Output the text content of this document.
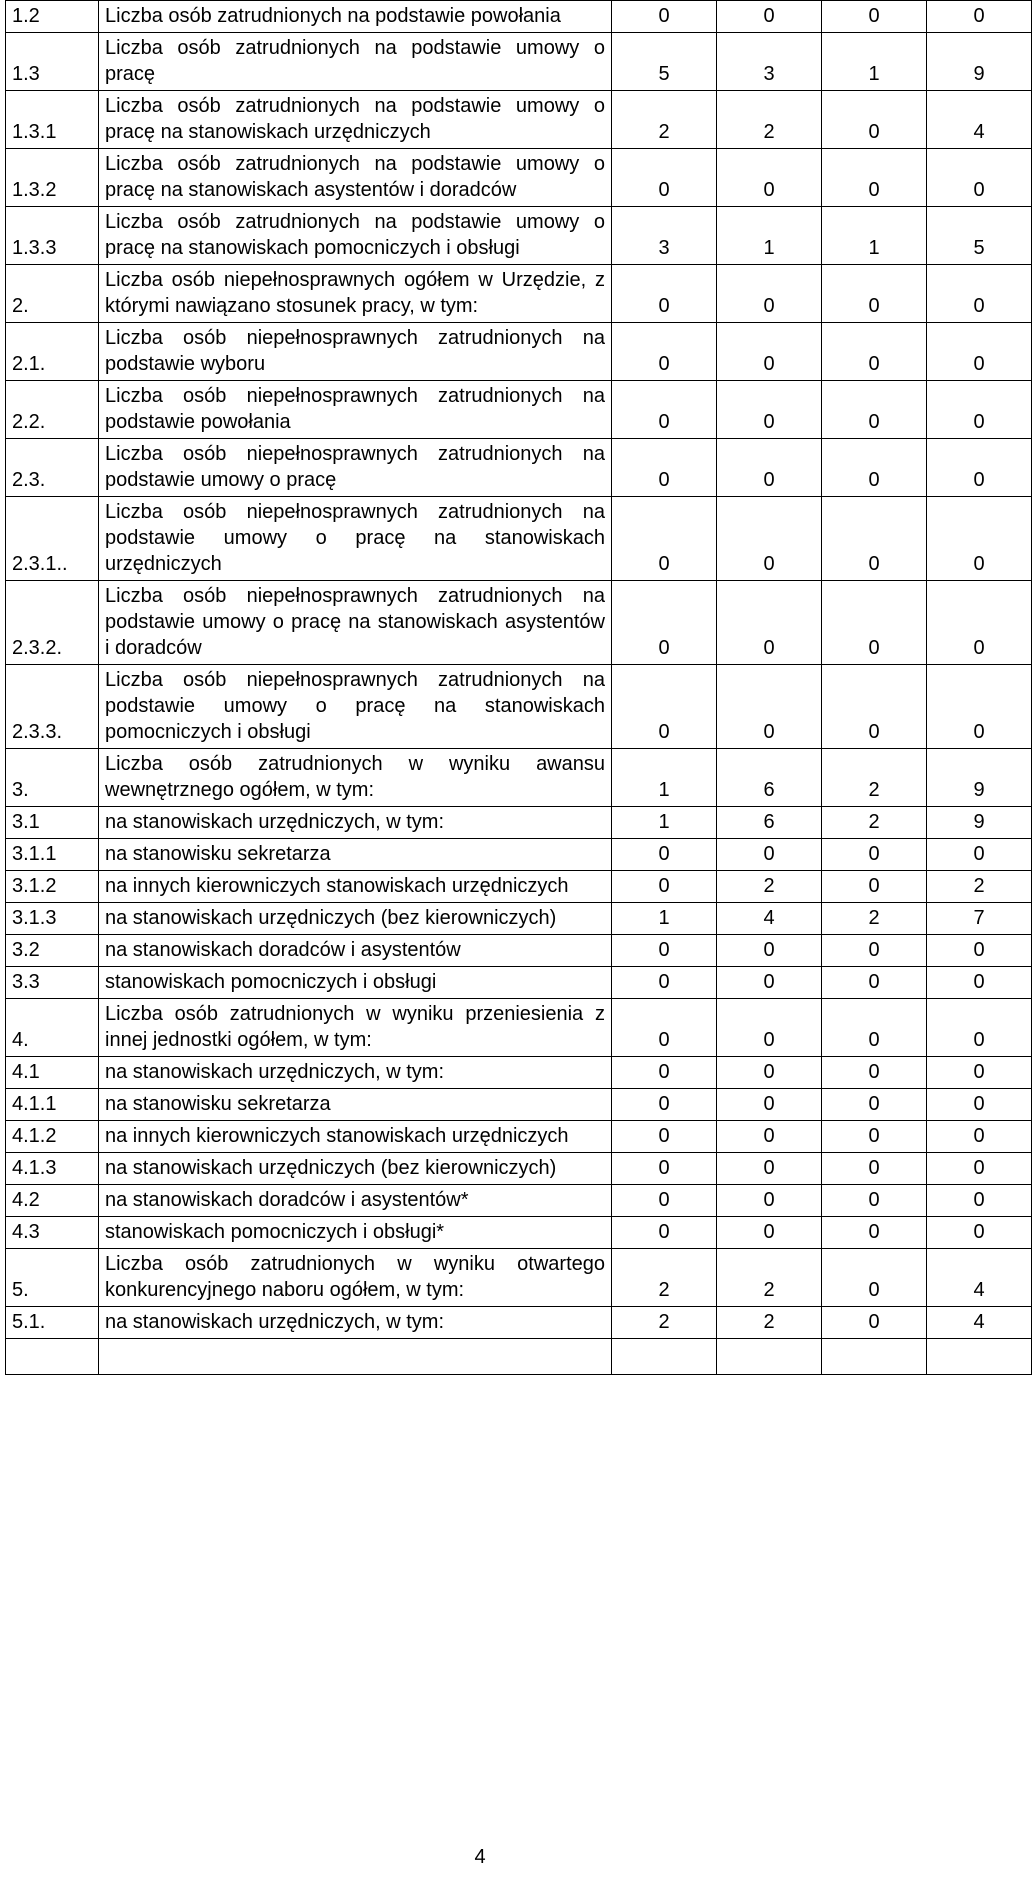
1.2	Liczba osób zatrudnionych na podstawie powołania	0	0	0	0
1.3	Liczba osób zatrudnionych na podstawie umowy o pracę	5	3	1	9
1.3.1	Liczba osób zatrudnionych na podstawie umowy o pracę na stanowiskach urzędniczych	2	2	0	4
1.3.2	Liczba osób zatrudnionych na podstawie umowy o pracę na stanowiskach asystentów i doradców	0	0	0	0
1.3.3	Liczba osób zatrudnionych na podstawie umowy o pracę na stanowiskach pomocniczych i obsługi	3	1	1	5
2.	Liczba osób niepełnosprawnych ogółem w Urzędzie, z którymi nawiązano stosunek pracy, w tym:	0	0	0	0
2.1.	Liczba osób niepełnosprawnych zatrudnionych na podstawie wyboru	0	0	0	0
2.2.	Liczba osób niepełnosprawnych zatrudnionych na podstawie powołania	0	0	0	0
2.3.	Liczba osób niepełnosprawnych zatrudnionych na podstawie umowy o pracę	0	0	0	0
2.3.1..	Liczba osób niepełnosprawnych zatrudnionych na podstawie umowy o pracę na stanowiskach urzędniczych	0	0	0	0
2.3.2.	Liczba osób niepełnosprawnych zatrudnionych na podstawie umowy o pracę na stanowiskach asystentów i doradców	0	0	0	0
2.3.3.	Liczba osób niepełnosprawnych zatrudnionych na podstawie umowy o pracę na stanowiskach pomocniczych i obsługi	0	0	0	0
3.	Liczba osób zatrudnionych w wyniku awansu wewnętrznego ogółem, w tym:	1	6	2	9
3.1	na stanowiskach urzędniczych, w tym:	1	6	2	9
3.1.1	na stanowisku sekretarza	0	0	0	0
3.1.2	na innych kierowniczych stanowiskach urzędniczych	0	2	0	2
3.1.3	na stanowiskach urzędniczych (bez kierowniczych)	1	4	2	7
3.2	na stanowiskach doradców i asystentów	0	0	0	0
3.3	stanowiskach pomocniczych i obsługi	0	0	0	0
4.	Liczba osób zatrudnionych w wyniku przeniesienia z innej jednostki ogółem, w tym:	0	0	0	0
4.1	na stanowiskach urzędniczych, w tym:	0	0	0	0
4.1.1	na stanowisku sekretarza	0	0	0	0
4.1.2	na innych kierowniczych stanowiskach urzędniczych	0	0	0	0
4.1.3	na stanowiskach urzędniczych (bez kierowniczych)	0	0	0	0
4.2	na stanowiskach doradców i asystentów*	0	0	0	0
4.3	stanowiskach pomocniczych i obsługi*	0	0	0	0
5.	Liczba osób zatrudnionych w wyniku otwartego konkurencyjnego naboru ogółem, w tym:	2	2	0	4
5.1.	na stanowiskach urzędniczych, w tym:	2	2	0	4

4
